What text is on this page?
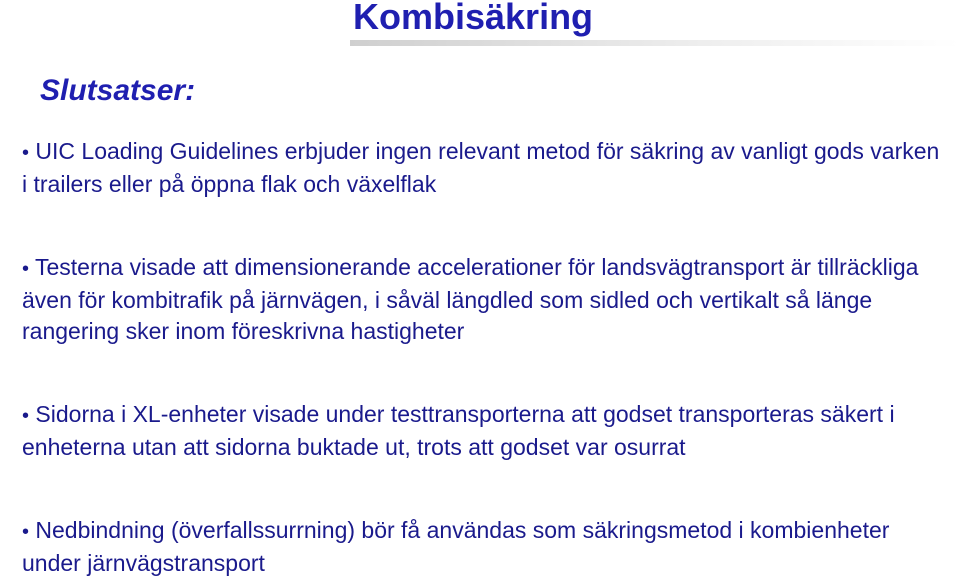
Kombisäkring
Slutsatser:
• UIC Loading Guidelines erbjuder ingen relevant metod för säkring av vanligt gods varken i trailers eller på öppna flak och växelflak
• Testerna visade att dimensionerande accelerationer för landsvägtransport är tillräckliga även för kombitrafik på järnvägen, i såväl längdled som sidled och vertikalt så länge rangering sker inom föreskrivna hastigheter
• Sidorna i XL-enheter visade under testtransporterna att godset transporteras säkert i enheterna utan att sidorna buktade ut, trots att godset var osurrat
• Nedbindning (överfallssurrning) bör få användas som säkringsmetod i kombienheter under järnvägstransport
